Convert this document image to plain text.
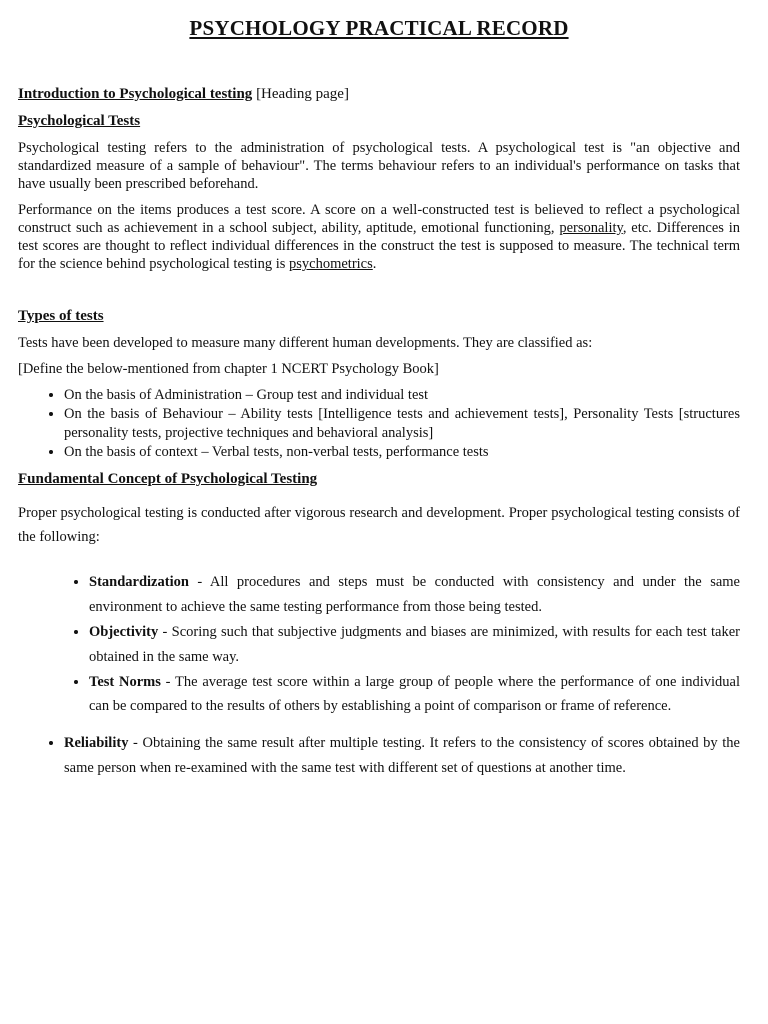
PSYCHOLOGY PRACTICAL RECORD
Introduction to Psychological testing [Heading page]
Psychological Tests

Psychological testing refers to the administration of psychological tests. A psychological test is "an objective and standardized measure of a sample of behaviour". The terms behaviour refers to an individual's performance on tasks that have usually been prescribed beforehand.

Performance on the items produces a test score. A score on a well-constructed test is believed to reflect a psychological construct such as achievement in a school subject, ability, aptitude, emotional functioning, personality, etc. Differences in test scores are thought to reflect individual differences in the construct the test is supposed to measure. The technical term for the science behind psychological testing is psychometrics.

Types of tests

Tests have been developed to measure many different human developments. They are classified as:

[Define the below-mentioned from chapter 1 NCERT Psychology Book]

• On the basis of Administration – Group test and individual test
• On the basis of Behaviour – Ability tests [Intelligence tests and achievement tests], Personality Tests [structures personality tests, projective techniques and behavioral analysis]
• On the basis of context – Verbal tests, non-verbal tests, performance tests
Fundamental Concept of Psychological Testing

Proper psychological testing is conducted after vigorous research and development. Proper psychological testing consists of the following:

• Standardization - All procedures and steps must be conducted with consistency and under the same environment to achieve the same testing performance from those being tested.
• Objectivity - Scoring such that subjective judgments and biases are minimized, with results for each test taker obtained in the same way.
• Test Norms - The average test score within a large group of people where the performance of one individual can be compared to the results of others by establishing a point of comparison or frame of reference.
• Reliability - Obtaining the same result after multiple testing. It refers to the consistency of scores obtained by the same person when re-examined with the same test with different set of questions at another time.
